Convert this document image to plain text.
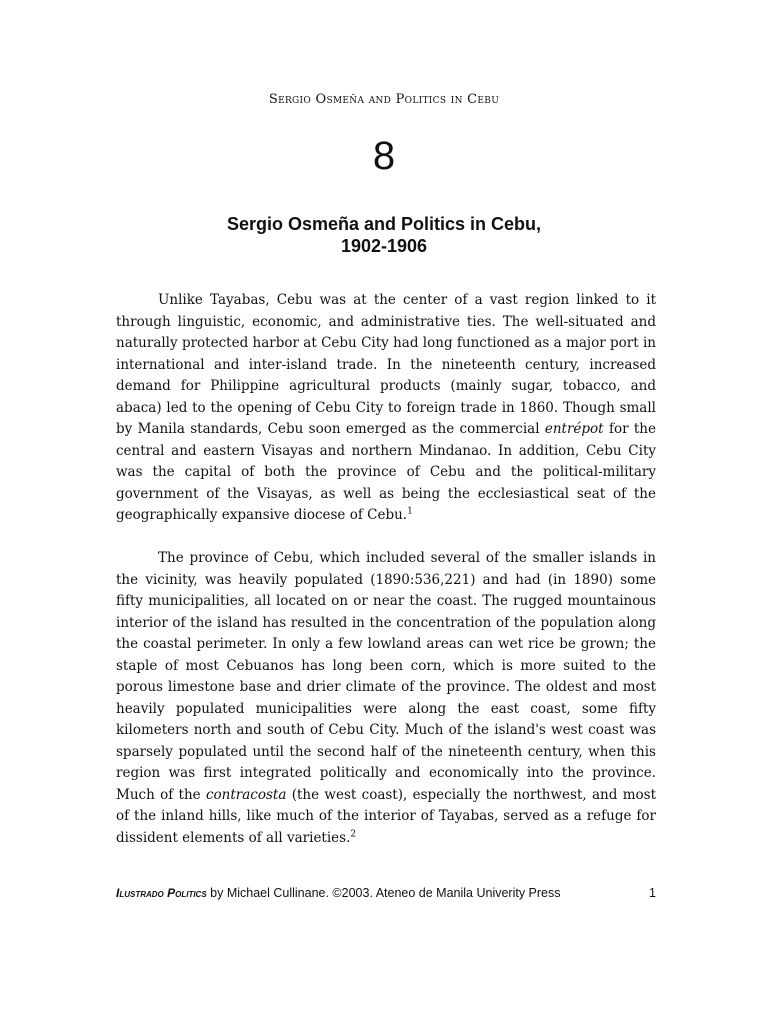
Sergio Osmeña and Politics in Cebu
8
Sergio Osmeña and Politics in Cebu,
1902-1906

Unlike Tayabas, Cebu was at the center of a vast region linked to it through linguistic, economic, and administrative ties. The well-situated and naturally protected harbor at Cebu City had long functioned as a major port in international and inter-island trade. In the nineteenth century, increased demand for Philippine agricultural products (mainly sugar, tobacco, and abaca) led to the opening of Cebu City to foreign trade in 1860. Though small by Manila standards, Cebu soon emerged as the commercial entrépot for the central and eastern Visayas and northern Mindanao. In addition, Cebu City was the capital of both the province of Cebu and the political-military government of the Visayas, as well as being the ecclesiastical seat of the geographically expansive diocese of Cebu.$^1$

The province of Cebu, which included several of the smaller islands in the vicinity, was heavily populated (1890:536,221) and had (in 1890) some fifty municipalities, all located on or near the coast. The rugged mountainous interior of the island has resulted in the concentration of the population along the coastal perimeter. In only a few lowland areas can wet rice be grown; the staple of most Cebuanos has long been corn, which is more suited to the porous limestone base and drier climate of the province. The oldest and most heavily populated municipalities were along the east coast, some fifty kilometers north and south of Cebu City. Much of the island's west coast was sparsely populated until the second half of the nineteenth century, when this region was first integrated politically and economically into the province. Much of the contracosta (the west coast), especially the northwest, and most of the inland hills, like much of the interior of Tayabas, served as a refuge for dissident elements of all varieties.$^2$

Ilustrado Politics by Michael Cullinane. ©2003. Ateneo de Manila Univerity Press	1
